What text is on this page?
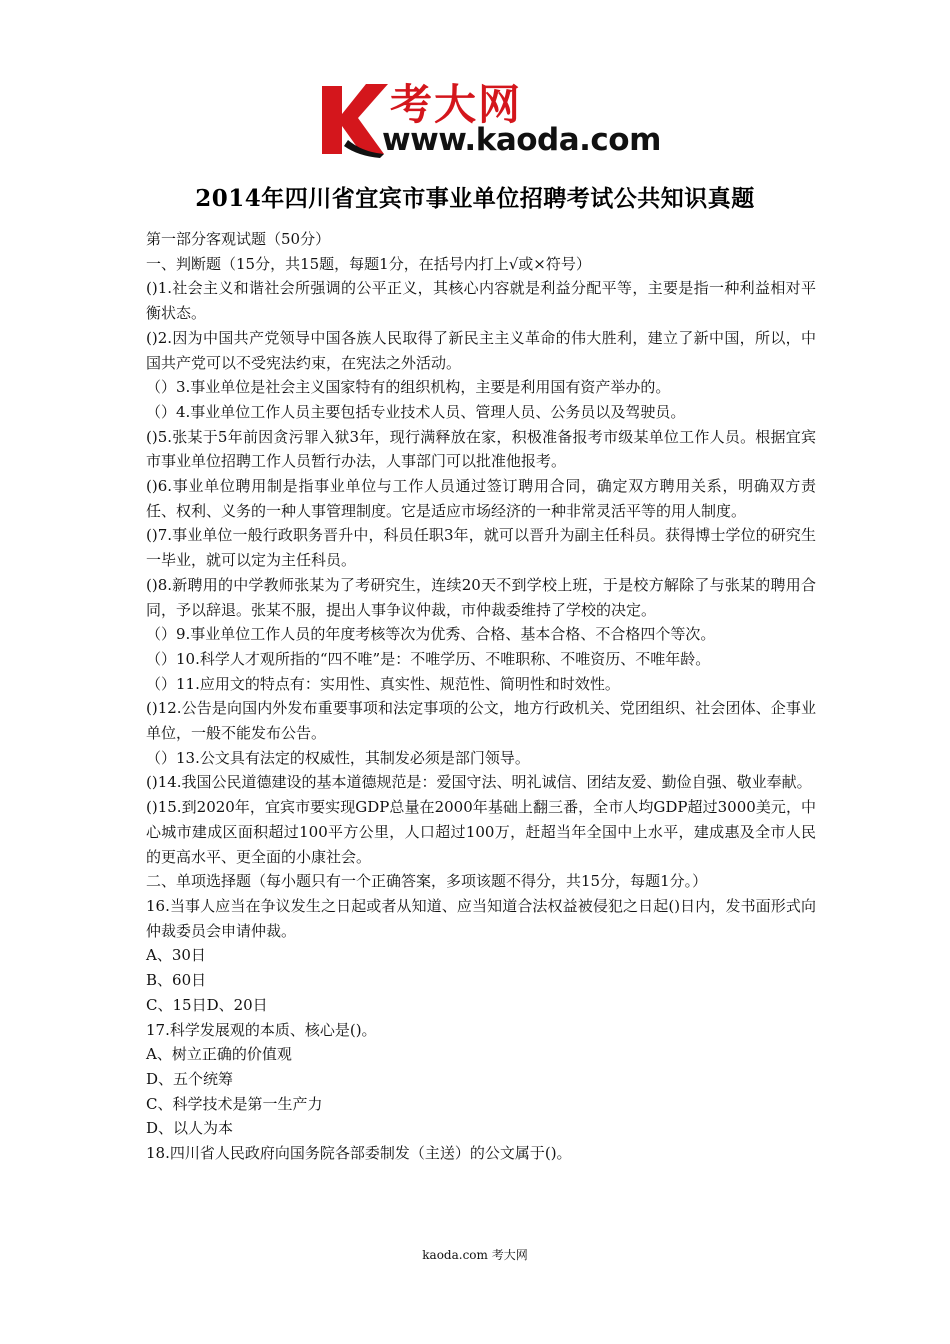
考大网
www.kaoda.com
2014年四川省宜宾市事业单位招聘考试公共知识真题

第一部分客观试题（50分）

一、判断题（15分，共15题，每题1分，在括号内打上√或×符号）

()1.社会主义和谐社会所强调的公平正义，其核心内容就是利益分配平等，主要是指一种利益相对平衡状态。

()2.因为中国共产党领导中国各族人民取得了新民主主义革命的伟大胜利，建立了新中国，所以，中国共产党可以不受宪法约束，在宪法之外活动。

（）3.事业单位是社会主义国家特有的组织机构，主要是利用国有资产举办的。

（）4.事业单位工作人员主要包括专业技术人员、管理人员、公务员以及驾驶员。

()5.张某于5年前因贪污罪入狱3年，现行满释放在家，积极准备报考市级某单位工作人员。根据宜宾市事业单位招聘工作人员暂行办法，人事部门可以批准他报考。

()6.事业单位聘用制是指事业单位与工作人员通过签订聘用合同，确定双方聘用关系，明确双方责任、权利、义务的一种人事管理制度。它是适应市场经济的一种非常灵活平等的用人制度。

()7.事业单位一般行政职务晋升中，科员任职3年，就可以晋升为副主任科员。获得博士学位的研究生一毕业，就可以定为主任科员。

()8.新聘用的中学教师张某为了考研究生，连续20天不到学校上班，于是校方解除了与张某的聘用合同，予以辞退。张某不服，提出人事争议仲裁，市仲裁委维持了学校的决定。

（）9.事业单位工作人员的年度考核等次为优秀、合格、基本合格、不合格四个等次。

（）10.科学人才观所指的“四不唯”是：不唯学历、不唯职称、不唯资历、不唯年龄。

（）11.应用文的特点有：实用性、真实性、规范性、简明性和时效性。

()12.公告是向国内外发布重要事项和法定事项的公文，地方行政机关、党团组织、社会团体、企事业单位，一般不能发布公告。

（）13.公文具有法定的权威性，其制发必须是部门领导。

()14.我国公民道德建设的基本道德规范是：爱国守法、明礼诚信、团结友爱、勤俭自强、敬业奉献。

()15.到2020年，宜宾市要实现GDP总量在2000年基础上翻三番，全市人均GDP超过3000美元，中心城市建成区面积超过100平方公里，人口超过100万，赶超当年全国中上水平，建成惠及全市人民的更高水平、更全面的小康社会。

二、单项选择题（每小题只有一个正确答案，多项该题不得分，共15分，每题1分。）

16.当事人应当在争议发生之日起或者从知道、应当知道合法权益被侵犯之日起()日内，发书面形式向仲裁委员会申请仲裁。

A、30日

B、60日

C、15日D、20日

17.科学发展观的本质、核心是()。

A、树立正确的价值观

D、五个统筹

C、科学技术是第一生产力

D、以人为本

18.四川省人民政府向国务院各部委制发（主送）的公文属于()。

kaoda.com 考大网
